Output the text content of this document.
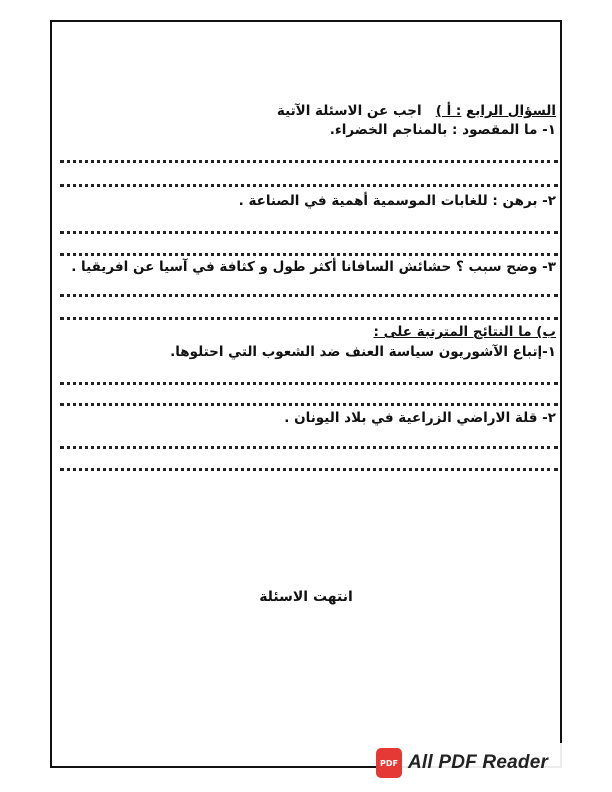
السؤال الرابع : أ )   اجب عن الاسئلة الآتية
١- ما المقصود : بالمناجم الخضراء.
٢- برهن : للغابات الموسمية أهمية في الصناعة .
٣- وضح سبب ؟ حشائش السافانا أكثر طول و كثافة في آسيا عن افريقيا .
ب) ما النتائج المترتبة على :
١-إتباع الآشوريون سياسة العنف ضد الشعوب التي احتلوها.
٢- قلة الاراضي الزراعية في بلاد اليونان .
انتهت الاسئلة
PDF All PDF Reader
